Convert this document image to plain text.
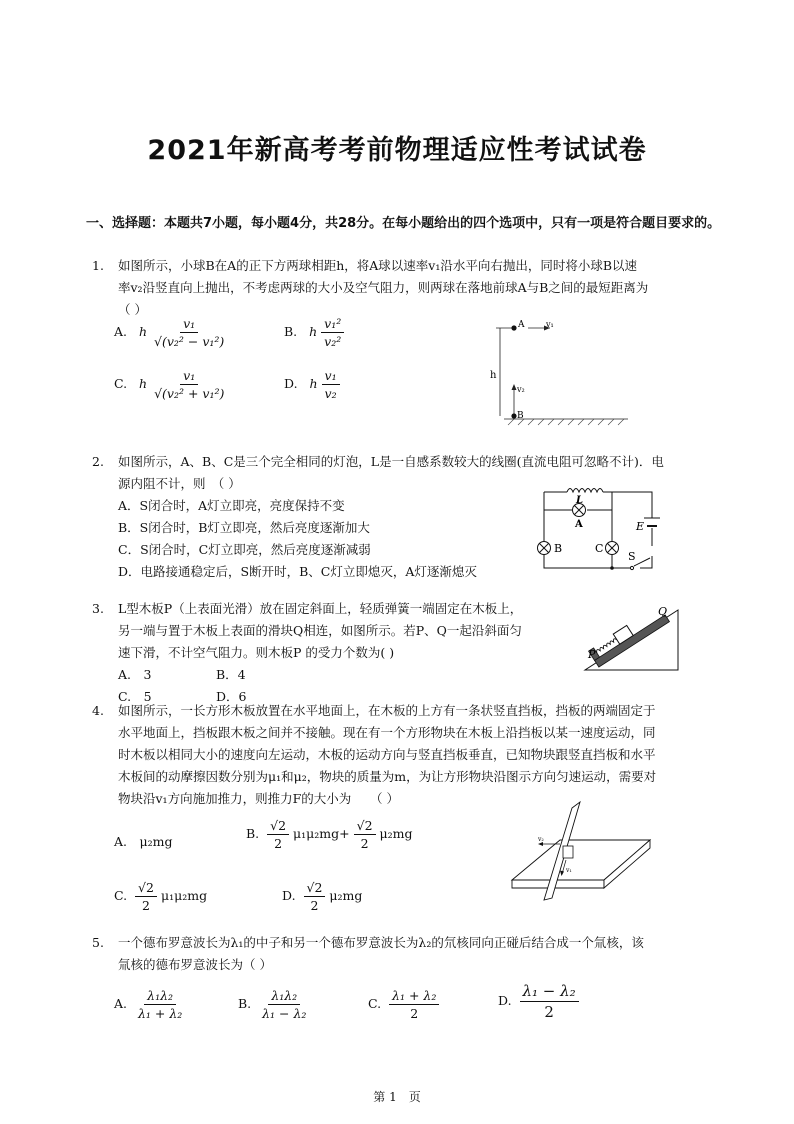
2021年新高考考前物理适应性考试试卷
一、选择题：本题共7小题，每小题4分，共28分。在每小题给出的四个选项中，只有一项是符合题目要求的。
1. 如图所示，小球B在A的正下方两球相距h，将A球以速率v₁沿水平向右抛出，同时将小球B以速
率v₂沿竖直向上抛出，不考虑两球的大小及空气阻力，则两球在落地前球A与B之间的最短距离为
（ ）
A. h $\frac{\text{v₁}}{\text{√(v₂² − v₁²)}}$	B. h $\frac{\text{v₁²}}{\text{v₂²}}$
C. h $\frac{\text{v₁}}{\text{√(v₂² + v₁²)}}$	D. h $\frac{\text{v₁}}{\text{v₂}}$
A	v₁
h
v₂
B
2. 如图所示，A、B、C是三个完全相同的灯泡，L是一自感系数较大的线圈(直流电阻可忽略不计)．电
源内阻不计，则　（ ）
A．S闭合时，A灯立即亮，亮度保持不变
B．S闭合时，B灯立即亮，然后亮度逐渐加大
C．S闭合时，C灯立即亮，然后亮度逐渐减弱
D．电路接通稳定后，S断开时，B、C灯立即熄灭，A灯逐渐熄灭
L
A
B	C
E
S
3. L型木板P（上表面光滑）放在固定斜面上，轻质弹簧一端固定在木板上，
另一端与置于木板上表面的滑块Q相连，如图所示。若P、Q一起沿斜面匀
速下滑，不计空气阻力。则木板P 的受力个数为( )
A.　3	B．4
C.　5	D．6
P
Q
4. 如图所示，一长方形木板放置在水平地面上，在木板的上方有一条状竖直挡板，挡板的两端固定于
水平地面上，挡板跟木板之间并不接触。现在有一个方形物块在木板上沿挡板以某一速度运动，同
时木板以相同大小的速度向左运动，木板的运动方向与竖直挡板垂直，已知物块跟竖直挡板和水平
木板间的动摩擦因数分别为μ₁和μ₂，物块的质量为m，为让方形物块沿图示方向匀速运动，需要对
物块沿v₁方向施加推力，则推力F的大小为　　（ ）
A.　μ₂mg
B. $\frac{√2}{2} \mu_1\mu_2mg+ \frac{√2}{2} \mu_2mg$
C. $\frac{√2}{2} \mu_1\mu_2mg$	D. $\frac{√2}{2} \mu_2mg$
v₂
v₁
5. 一个德布罗意波长为λ₁的中子和另一个德布罗意波长为λ₂的氘核同向正碰后结合成一个氚核，该
氚核的德布罗意波长为（ ）
A. $\frac{\text{λ₁λ₂}}{\text{λ₁ + λ₂}}$	B. $\frac{\text{λ₁λ₂}}{\text{λ₁ − λ₂}}$	C. $\frac{\text{λ₁ + λ₂}}{2}$	D. $\frac{\text{λ₁ − λ₂}}{2}$
第 1　页
